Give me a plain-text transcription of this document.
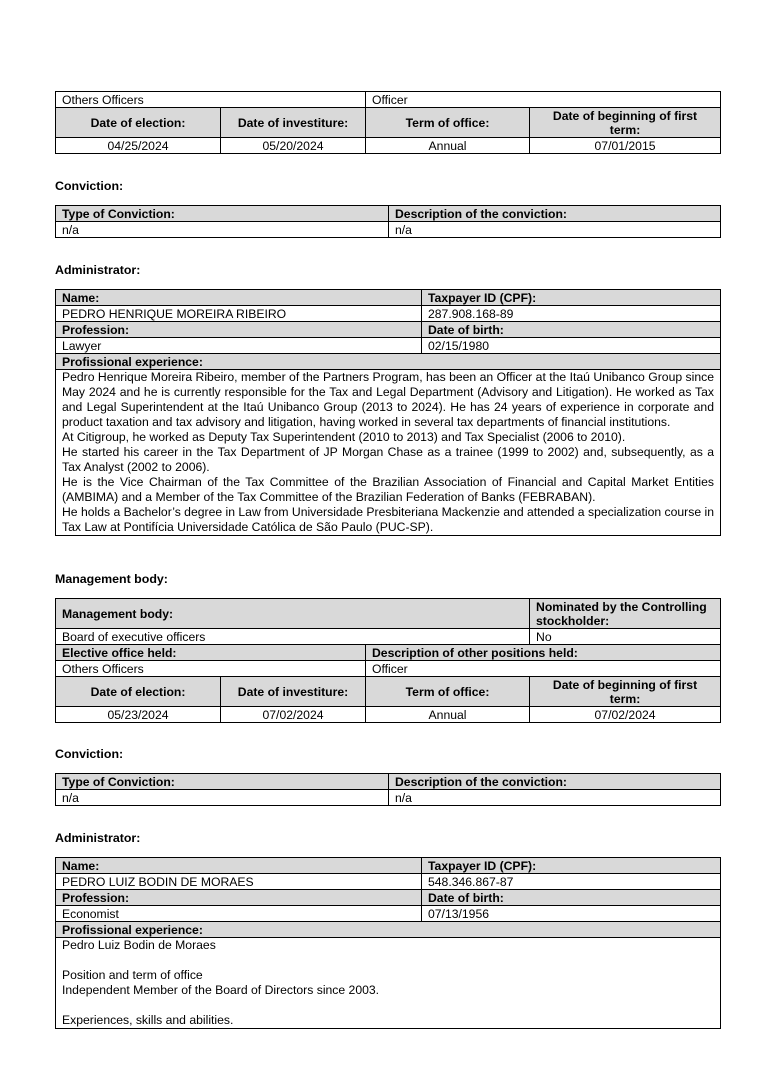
Others Officers		Officer	
Date of election:	Date of investiture:	Term of office:	Date of beginning of first term:
04/25/2024	05/20/2024	Annual	07/01/2015
Conviction:
Type of Conviction:	Description of the conviction:
n/a	n/a
Administrator:
Name:	Taxpayer ID (CPF):
PEDRO HENRIQUE MOREIRA RIBEIRO	287.908.168-89
Profession:	Date of birth:
Lawyer	02/15/1980
Profissional experience:	

Pedro Henrique Moreira Ribeiro, member of the Partners Program, has been an Officer at the Itaú Unibanco Group since May 2024 and he is currently responsible for the Tax and Legal Department (Advisory and Litigation). He worked as Tax and Legal Superintendent at the Itaú Unibanco Group (2013 to 2024). He has 24 years of experience in corporate and product taxation and tax advisory and litigation, having worked in several tax departments of financial institutions.

At Citigroup, he worked as Deputy Tax Superintendent (2010 to 2013) and Tax Specialist (2006 to 2010).

He started his career in the Tax Department of JP Morgan Chase as a trainee (1999 to 2002) and, subsequently, as a Tax Analyst (2002 to 2006).

He is the Vice Chairman of the Tax Committee of the Brazilian Association of Financial and Capital Market Entities (AMBIMA) and a Member of the Tax Committee of the Brazilian Federation of Banks (FEBRABAN).

He holds a Bachelor’s degree in Law from Universidade Presbiteriana Mackenzie and attended a specialization course in Tax Law at Pontifícia Universidade Católica de São Paulo (PUC-SP).	

Management body:
Management body:			Nominated by the Controlling stockholder:
Board of executive officers			No
Elective office held:		Description of other positions held:	
Others Officers		Officer	
Date of election:	Date of investiture:	Term of office:	Date of beginning of first term:
05/23/2024	07/02/2024	Annual	07/02/2024
Conviction:
Type of Conviction:	Description of the conviction:
n/a	n/a
Administrator:
Name:	Taxpayer ID (CPF):
PEDRO LUIZ BODIN DE MORAES	548.346.867-87
Profession:	Date of birth:
Economist	07/13/1956
Profissional experience:	
Pedro Luiz Bodin de Moraes

Position and term of office
Independent Member of the Board of Directors since 2003.

Experiences, skills and abilities.	
